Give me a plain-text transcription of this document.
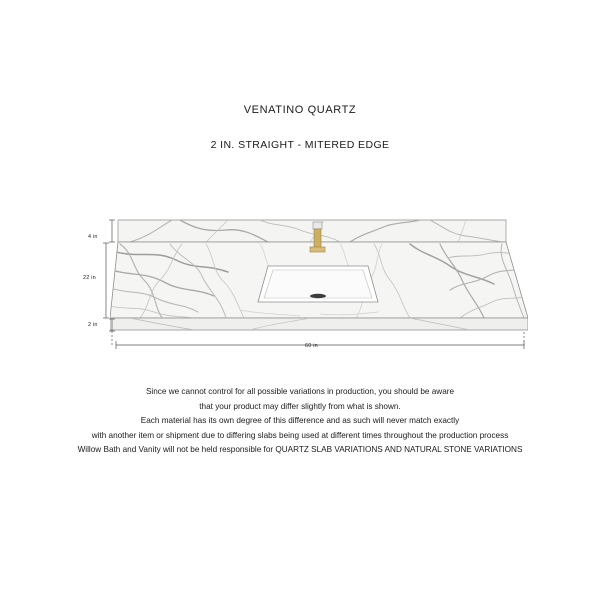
VENATINO QUARTZ
2 IN. STRAIGHT - MITERED EDGE
4 in
22 in
2 in
60 in
Since we cannot control for all possible variations in production, you should be aware
that your product may differ slightly from what is shown.
Each material has its own degree of this difference and as such will never match exactly
with another item or shipment due to differing slabs being used at different times throughout the production process
Willow Bath and Vanity will not be held responsible for QUARTZ SLAB VARIATIONS AND NATURAL STONE VARIATIONS
